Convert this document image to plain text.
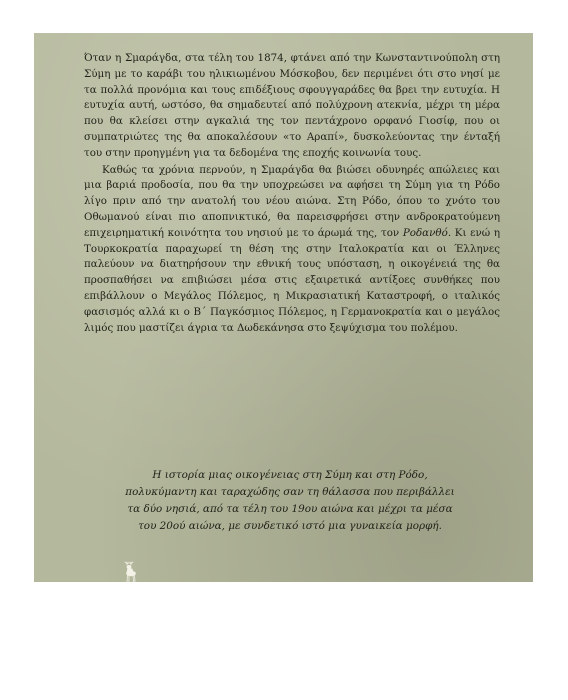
Όταν η Σμαράγδα, στα τέλη του 1874, φτάνει από την Κωνσταντινούπολη στη Σύμη με το καράβι του ηλικιωμένου Μόσκοβου, δεν περιμένει ότι στο νησί με τα πολλά προνόμια και τους επιδέξιους σφουγγαράδες θα βρει την ευτυχία. Η ευτυχία αυτή, ωστόσο, θα σημαδευτεί από πολύχρονη ατεκνία, μέχρι τη μέρα που θα κλείσει στην αγκαλιά της τον πεντάχρονο ορφανό Γιοσίφ, που οι συμπατριώτες της θα αποκαλέσουν «το Αραπί», δυσκολεύοντας την ένταξή του στην προηγμένη για τα δεδομένα της εποχής κοινωνία τους.

Καθώς τα χρόνια περνούν, η Σμαράγδα θα βιώσει οδυνηρές απώλειες και μια βαριά προδοσία, που θα την υποχρεώσει να αφήσει τη Σύμη για τη Ρόδο λίγο πριν από την ανατολή του νέου αιώνα. Στη Ρόδο, όπου το χνότο του Οθωμανού είναι πιο αποπνικτικό, θα παρεισφρήσει στην ανδροκρατούμενη επιχειρηματική κοινότητα του νησιού με το άρωμά της, τον Ροδανθό. Κι ενώ η Τουρκοκρατία παραχωρεί τη θέση της στην Ιταλοκρατία και οι Έλληνες παλεύουν να διατηρήσουν την εθνική τους υπόσταση, η οικογένειά της θα προσπαθήσει να επιβιώσει μέσα στις εξαιρετικά αντίξοες συνθήκες που επιβάλλουν ο Μεγάλος Πόλεμος, η Μικρασιατική Καταστροφή, ο ιταλικός φασισμός αλλά κι ο Β΄ Παγκόσμιος Πόλεμος, η Γερμανοκρατία και ο μεγάλος λιμός που μαστίζει άγρια τα Δωδεκάνησα στο ξεψύχισμα του πολέμου.

Η ιστορία μιας οικογένειας στη Σύμη και στη Ρόδο,
πολυκύμαντη και ταραχώδης σαν τη θάλασσα που περιβάλλει
τα δύο νησιά, από τα τέλη του 19ου αιώνα και μέχρι τα μέσα
του 20ού αιώνα, με συνδετικό ιστό μια γυναικεία μορφή.
